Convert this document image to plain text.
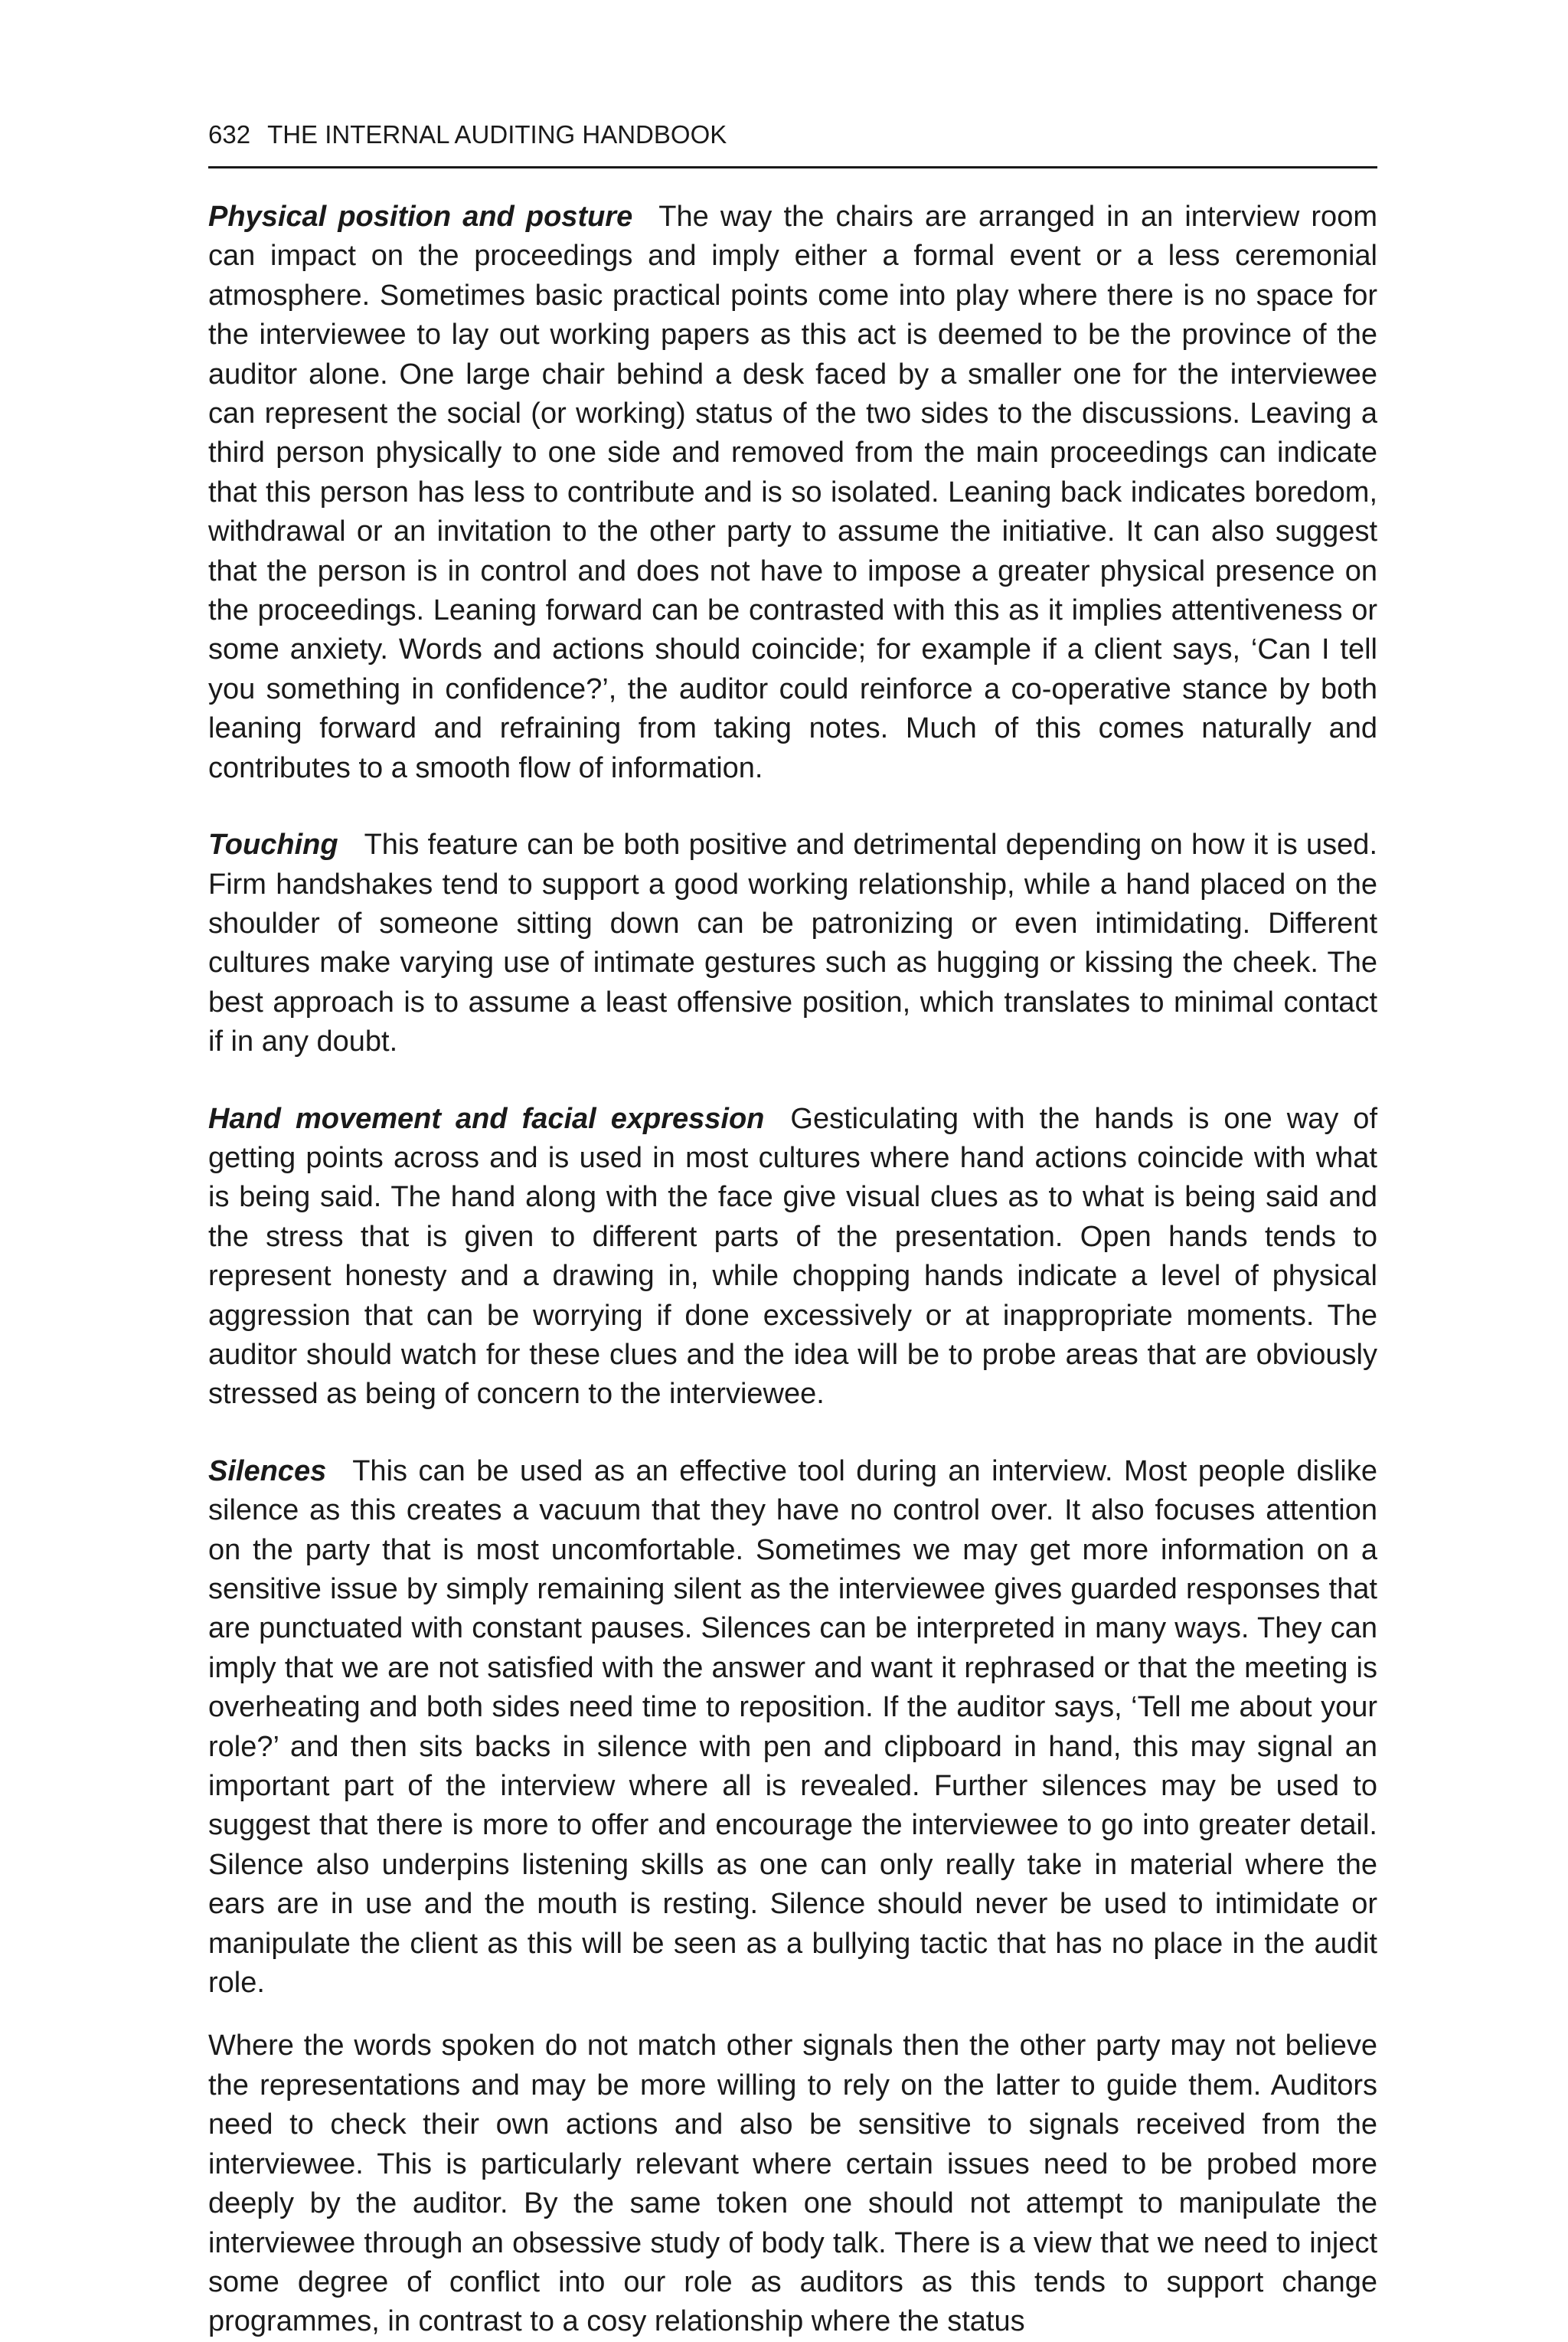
632 THE INTERNAL AUDITING HANDBOOK

Physical position and posture The way the chairs are arranged in an interview room can impact on the proceedings and imply either a formal event or a less ceremonial atmosphere. Sometimes basic practical points come into play where there is no space for the interviewee to lay out working papers as this act is deemed to be the province of the auditor alone. One large chair behind a desk faced by a smaller one for the interviewee can represent the social (or working) status of the two sides to the discussions. Leaving a third person physically to one side and removed from the main proceedings can indicate that this person has less to contribute and is so isolated. Leaning back indicates boredom, withdrawal or an invitation to the other party to assume the initiative. It can also suggest that the person is in control and does not have to impose a greater physical presence on the proceedings. Leaning forward can be contrasted with this as it implies attentiveness or some anxiety. Words and actions should coincide; for example if a client says, ‘Can I tell you something in confidence?’, the auditor could reinforce a co-operative stance by both leaning forward and refraining from taking notes. Much of this comes naturally and contributes to a smooth flow of information.

Touching This feature can be both positive and detrimental depending on how it is used. Firm handshakes tend to support a good working relationship, while a hand placed on the shoulder of someone sitting down can be patronizing or even intimidating. Different cultures make varying use of intimate gestures such as hugging or kissing the cheek. The best approach is to assume a least offensive position, which translates to minimal contact if in any doubt.

Hand movement and facial expression Gesticulating with the hands is one way of getting points across and is used in most cultures where hand actions coincide with what is being said. The hand along with the face give visual clues as to what is being said and the stress that is given to different parts of the presentation. Open hands tends to represent honesty and a drawing in, while chopping hands indicate a level of physical aggression that can be worrying if done excessively or at inappropriate moments. The auditor should watch for these clues and the idea will be to probe areas that are obviously stressed as being of concern to the interviewee.

Silences This can be used as an effective tool during an interview. Most people dislike silence as this creates a vacuum that they have no control over. It also focuses attention on the party that is most uncomfortable. Sometimes we may get more information on a sensitive issue by simply remaining silent as the interviewee gives guarded responses that are punctuated with constant pauses. Silences can be interpreted in many ways. They can imply that we are not satisfied with the answer and want it rephrased or that the meeting is overheating and both sides need time to reposition. If the auditor says, ‘Tell me about your role?’ and then sits backs in silence with pen and clipboard in hand, this may signal an important part of the interview where all is revealed. Further silences may be used to suggest that there is more to offer and encourage the interviewee to go into greater detail. Silence also underpins listening skills as one can only really take in material where the ears are in use and the mouth is resting. Silence should never be used to intimidate or manipulate the client as this will be seen as a bullying tactic that has no place in the audit role.

Where the words spoken do not match other signals then the other party may not believe the representations and may be more willing to rely on the latter to guide them. Auditors need to check their own actions and also be sensitive to signals received from the interviewee. This is particularly relevant where certain issues need to be probed more deeply by the auditor. By the same token one should not attempt to manipulate the interviewee through an obsessive study of body talk. There is a view that we need to inject some degree of conflict into our role as auditors as this tends to support change programmes, in contrast to a cosy relationship where the status
